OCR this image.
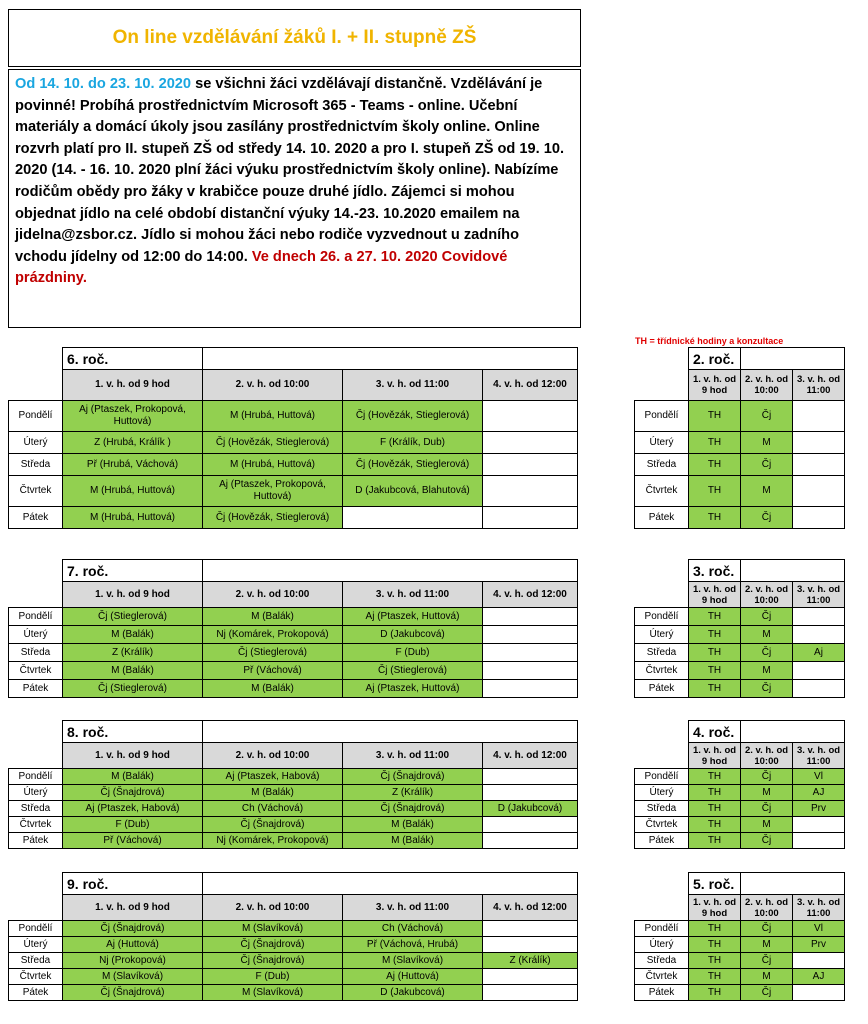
On line vzdělávání žáků I. + II. stupně ZŠ
Od 14. 10. do 23. 10. 2020 se všichni žáci vzdělávají distančně. Vzdělávání je povinné! Probíhá prostřednictvím Microsoft 365 - Teams - online. Učební materiály a domácí úkoly jsou zasílány prostřednictvím školy online. Online rozvrh platí pro II. stupeň ZŠ od středy 14. 10. 2020 a pro I. stupeň ZŠ od 19. 10. 2020 (14. - 16. 10. 2020 plní žáci výuku prostřednictvím školy online). Nabízíme rodičům obědy pro žáky v krabičce pouze druhé jídlo. Zájemci si mohou objednat jídlo na celé období distanční výuky 14.-23. 10.2020 emailem na jidelna@zsbor.cz. Jídlo si mohou žáci nebo rodiče vyzvednout u zadního vchodu jídelny od 12:00 do 14:00. Ve dnech 26. a 27. 10. 2020 Covidové prázdniny.
TH = třídnické hodiny a konzultace
	6. roč.			
	1. v. h. od 9 hod	2. v. h. od 10:00	3. v. h. od 11:00	4. v. h. od 12:00
Pondělí	Aj (Ptaszek, Prokopová, Huttová)	M (Hrubá, Huttová)	Čj (Hovězák, Stieglerová)	
Úterý	Z (Hrubá, Králík )	Čj (Hovězák, Stieglerová)	F (Králík, Dub)	
Středa	Př (Hrubá, Váchová)	M (Hrubá, Huttová)	Čj (Hovězák, Stieglerová)	
Čtvrtek	M (Hrubá, Huttová)	Aj (Ptaszek, Prokopová, Huttová)	D (Jakubcová, Blahutová)	
Pátek	M (Hrubá, Huttová)	Čj (Hovězák, Stieglerová)		
	7. roč.			
	1. v. h. od 9 hod	2. v. h. od 10:00	3. v. h. od 11:00	4. v. h. od 12:00
Pondělí	Čj (Stieglerová)	M (Balák)	Aj (Ptaszek, Huttová)	
Úterý	M (Balák)	Nj (Komárek, Prokopová)	D (Jakubcová)	
Středa	Z (Králík)	Čj (Stieglerová)	F (Dub)	
Čtvrtek	M (Balák)	Př (Váchová)	Čj (Stieglerová)	
Pátek	Čj (Stieglerová)	M (Balák)	Aj (Ptaszek, Huttová)	
	8. roč.			
	1. v. h. od 9 hod	2. v. h. od 10:00	3. v. h. od 11:00	4. v. h. od 12:00
Pondělí	M (Balák)	Aj (Ptaszek, Habová)	Čj (Šnajdrová)	
Úterý	Čj (Šnajdrová)	M (Balák)	Z (Králík)	
Středa	Aj (Ptaszek, Habová)	Ch (Váchová)	Čj (Šnajdrová)	D (Jakubcová)
Čtvrtek	F (Dub)	Čj (Šnajdrová)	M (Balák)	
Pátek	Př (Váchová)	Nj (Komárek, Prokopová)	M (Balák)	
	9. roč.			
	1. v. h. od 9 hod	2. v. h. od 10:00	3. v. h. od 11:00	4. v. h. od 12:00
Pondělí	Čj (Šnajdrová)	M (Slavíková)	Ch (Váchová)	
Úterý	Aj (Huttová)	Čj (Šnajdrová)	Př (Váchová, Hrubá)	
Středa	Nj (Prokopová)	Čj (Šnajdrová)	M (Slavíková)	Z (Králík)
Čtvrtek	M (Slavíková)	F (Dub)	Aj (Huttová)	
Pátek	Čj (Šnajdrová)	M (Slavíková)	D (Jakubcová)	
	2. roč.		
	1. v. h. od 9 hod	2. v. h. od 10:00	3. v. h. od 11:00
Pondělí	TH	Čj	
Úterý	TH	M	
Středa	TH	Čj	
Čtvrtek	TH	M	
Pátek	TH	Čj	
	3. roč.		
	1. v. h. od 9 hod	2. v. h. od 10:00	3. v. h. od 11:00
Pondělí	TH	Čj	
Úterý	TH	M	
Středa	TH	Čj	Aj
Čtvrtek	TH	M	
Pátek	TH	Čj	
	4. roč.		
	1. v. h. od 9 hod	2. v. h. od 10:00	3. v. h. od 11:00
Pondělí	TH	Čj	Vl
Úterý	TH	M	AJ
Středa	TH	Čj	Prv
Čtvrtek	TH	M	
Pátek	TH	Čj	
	5. roč.		
	1. v. h. od 9 hod	2. v. h. od 10:00	3. v. h. od 11:00
Pondělí	TH	Čj	Vl
Úterý	TH	M	Prv
Středa	TH	Čj	
Čtvrtek	TH	M	AJ
Pátek	TH	Čj	
